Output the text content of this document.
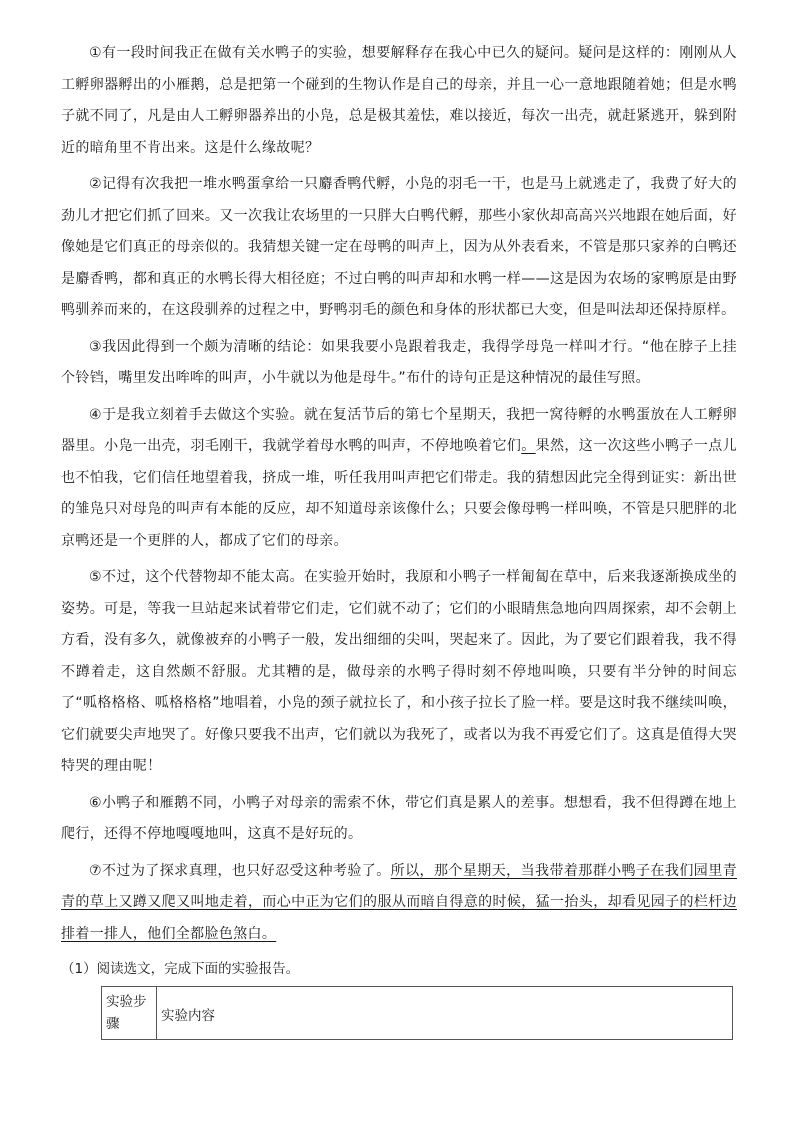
①有一段时间我正在做有关水鸭子的实验，想要解释存在我心中已久的疑问。疑问是这样的：刚刚从人工孵卵器孵出的小雁鹅，总是把第一个碰到的生物认作是自己的母亲，并且一心一意地跟随着她；但是水鸭子就不同了，凡是由人工孵卵器养出的小凫，总是极其羞怯，难以接近，每次一出壳，就赶紧逃开，躲到附近的暗角里不肯出来。这是什么缘故呢？

②记得有次我把一堆水鸭蛋拿给一只麝香鸭代孵，小凫的羽毛一干，也是马上就逃走了，我费了好大的劲儿才把它们抓了回来。又一次我让农场里的一只胖大白鸭代孵，那些小家伙却高高兴兴地跟在她后面，好像她是它们真正的母亲似的。我猜想关键一定在母鸭的叫声上，因为从外表看来，不管是那只家养的白鸭还是麝香鸭，都和真正的水鸭长得大相径庭；不过白鸭的叫声却和水鸭一样——这是因为农场的家鸭原是由野鸭驯养而来的，在这段驯养的过程之中，野鸭羽毛的颜色和身体的形状都已大变，但是叫法却还保持原样。

③我因此得到一个颇为清晰的结论：如果我要小凫跟着我走，我得学母凫一样叫才行。“他在脖子上挂个铃铛，嘴里发出哞哞的叫声，小牛就以为他是母牛。”布什的诗句正是这种情况的最佳写照。

④于是我立刻着手去做这个实验。就在复活节后的第七个星期天，我把一窝待孵的水鸭蛋放在人工孵卵器里。小凫一出壳，羽毛刚干，我就学着母水鸭的叫声，不停地唤着它们。果然，这一次这些小鸭子一点儿也不怕我，它们信任地望着我，挤成一堆，听任我用叫声把它们带走。我的猜想因此完全得到证实：新出世的雏凫只对母凫的叫声有本能的反应，却不知道母亲该像什么；只要会像母鸭一样叫唤，不管是只肥胖的北京鸭还是一个更胖的人，都成了它们的母亲。

⑤不过，这个代替物却不能太高。在实验开始时，我原和小鸭子一样匍匐在草中，后来我逐渐换成坐的姿势。可是，等我一旦站起来试着带它们走，它们就不动了；它们的小眼睛焦急地向四周探索，却不会朝上方看，没有多久，就像被弃的小鸭子一般，发出细细的尖叫，哭起来了。因此，为了要它们跟着我，我不得不蹲着走，这自然颇不舒服。尤其糟的是，做母亲的水鸭子得时刻不停地叫唤，只要有半分钟的时间忘了“呱格格格、呱格格格”地唱着，小凫的颈子就拉长了，和小孩子拉长了脸一样。要是这时我不继续叫唤，它们就要尖声地哭了。好像只要我不出声，它们就以为我死了，或者以为我不再爱它们了。这真是值得大哭特哭的理由呢！

⑥小鸭子和雁鹅不同，小鸭子对母亲的需索不休，带它们真是累人的差事。想想看，我不但得蹲在地上爬行，还得不停地嘎嘎地叫，这真不是好玩的。

⑦不过为了探求真理，也只好忍受这种考验了。所以，那个星期天，当我带着那群小鸭子在我们园里青青的草上又蹲又爬又叫地走着，而心中正为它们的服从而暗自得意的时候，猛一抬头，却看见园子的栏杆边排着一排人，他们全都脸色煞白。

（1）阅读选文，完成下面的实验报告。
实验步骤	实验内容
